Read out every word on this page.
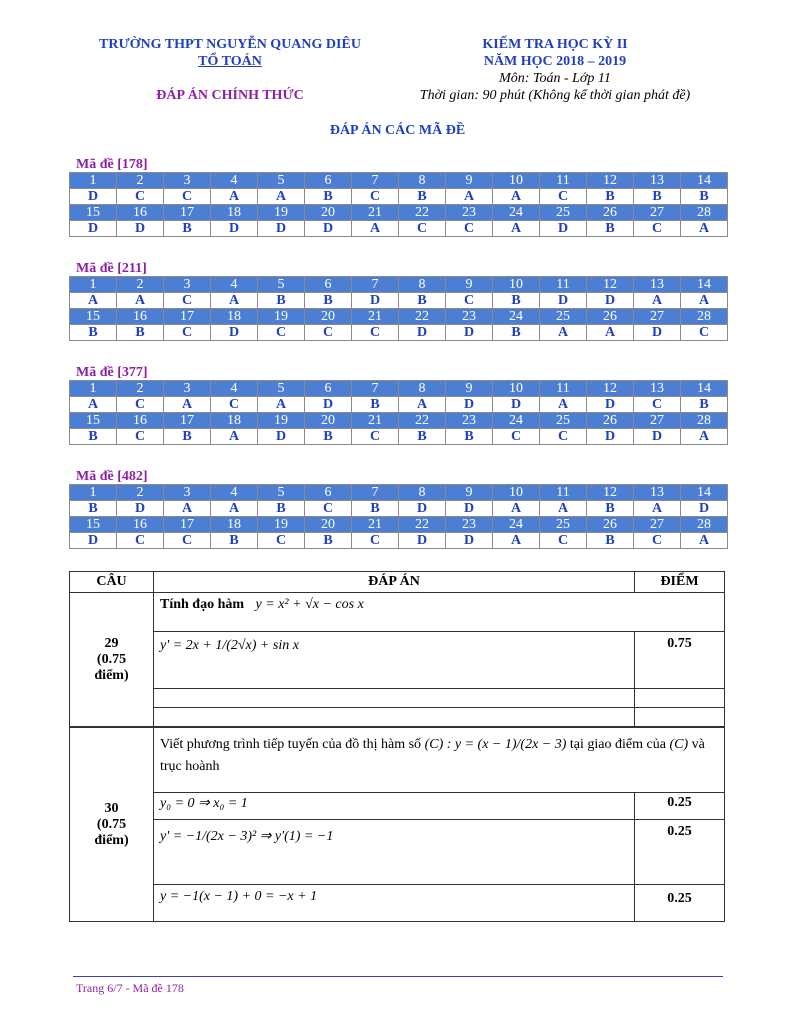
TRƯỜNG THPT NGUYỄN QUANG DIÊU
TỔ TOÁN
ĐÁP ÁN CHÍNH THỨC
KIỂM TRA HỌC KỲ II
NĂM HỌC 2018 – 2019
Môn: Toán - Lớp 11
Thời gian: 90 phút (Không kể thời gian phát đề)
ĐÁP ÁN CÁC MÃ ĐỀ
Mã đề [178]
1	2	3	4	5	6	7	8	9	10	11	12	13	14
D	C	C	A	A	B	C	B	A	A	C	B	B	B
15	16	17	18	19	20	21	22	23	24	25	26	27	28
D	D	B	D	D	D	A	C	C	A	D	B	C	A
Mã đề [211]
1	2	3	4	5	6	7	8	9	10	11	12	13	14
A	A	C	A	B	B	D	B	C	B	D	D	A	A
15	16	17	18	19	20	21	22	23	24	25	26	27	28
B	B	C	D	C	C	C	D	D	B	A	A	D	C
Mã đề [377]
1	2	3	4	5	6	7	8	9	10	11	12	13	14
A	C	A	C	A	D	B	A	D	D	A	D	C	B
15	16	17	18	19	20	21	22	23	24	25	26	27	28
B	C	B	A	D	B	C	B	B	C	C	D	D	A
Mã đề [482]
1	2	3	4	5	6	7	8	9	10	11	12	13	14
B	D	A	A	B	C	B	D	D	A	A	B	A	D
15	16	17	18	19	20	21	22	23	24	25	26	27	28
D	C	C	B	C	B	C	D	D	A	C	B	C	A
CÂU	ĐÁP ÁN	ĐIỂM

29
(0.75
điểm)	Tính đạo hàm y = x² + √x − cos x	
	y' = 2x + 1/(2√x) + sin x	0.75

30
(0.75
điểm)	Viết phương trình tiếp tuyến của đồ thị hàm số (C) : y = (x − 1)/(2x − 3) tại giao điểm của (C) và trục hoành	
	y₀ = 0 ⇒ x₀ = 1	0.25
	y' = −1/(2x − 3)² ⇒ y'(1) = −1	0.25
	y = −1(x − 1) + 0 = −x + 1	0.25
Trang 6/7 - Mã đề 178
